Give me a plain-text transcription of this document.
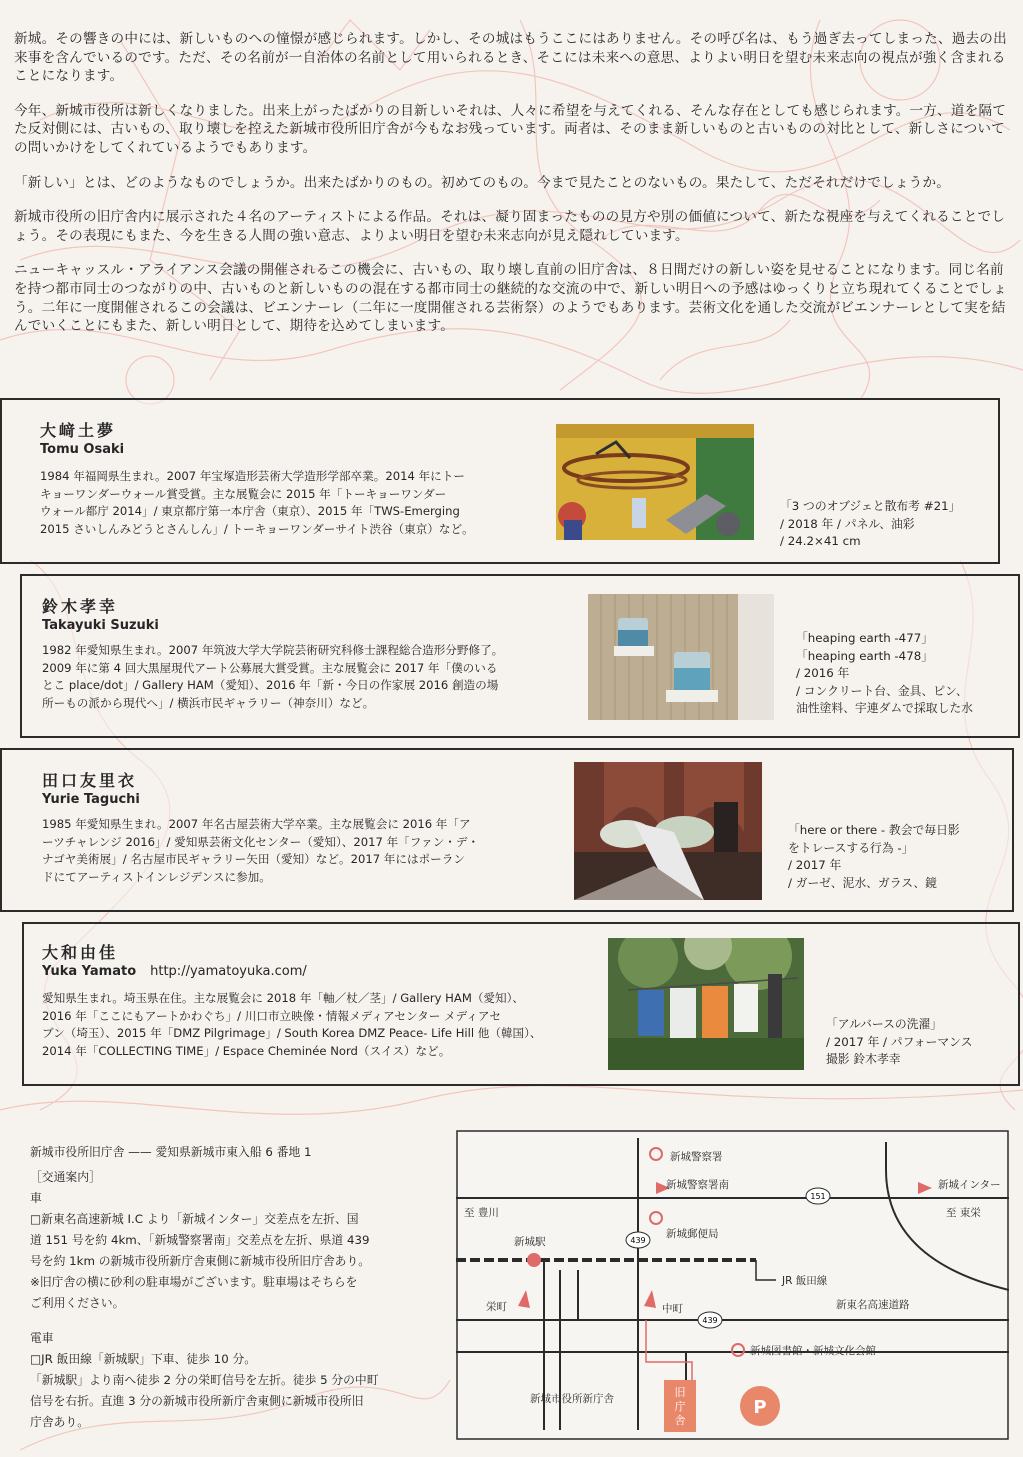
新城。その響きの中には、新しいものへの憧憬が感じられます。しかし、その城はもうここにはありません。その呼び名は、もう過ぎ去ってしまった、過去の出来事を含んでいるのです。ただ、その名前が一自治体の名前として用いられるとき、そこには未来への意思、よりよい明日を望む未来志向の視点が強く含まれることになります。

今年、新城市役所は新しくなりました。出来上がったばかりの目新しいそれは、人々に希望を与えてくれる、そんな存在としても感じられます。一方、道を隔てた反対側には、古いもの、取り壊しを控えた新城市役所旧庁舎が今もなお残っています。両者は、そのまま新しいものと古いものの対比として、新しさについての問いかけをしてくれているようでもあります。

「新しい」とは、どのようなものでしょうか。出来たばかりのもの。初めてのもの。今まで見たことのないもの。果たして、ただそれだけでしょうか。

新城市役所の旧庁舎内に展示された４名のアーティストによる作品。それは、凝り固まったものの見方や別の価値について、新たな視座を与えてくれることでしょう。その表現にもまた、今を生きる人間の強い意志、よりよい明日を望む未来志向が見え隠れしています。

ニューキャッスル・アライアンス会議の開催されるこの機会に、古いもの、取り壊し直前の旧庁舎は、８日間だけの新しい姿を見せることになります。同じ名前を持つ都市同士のつながりの中、古いものと新しいものの混在する都市同士の継続的な交流の中で、新しい明日への予感はゆっくりと立ち現れてくることでしょう。二年に一度開催されるこの会議は、ビエンナーレ（二年に一度開催される芸術祭）のようでもあります。芸術文化を通した交流がビエンナーレとして実を結んでいくことにもまた、新しい明日として、期待を込めてしまいます。

大﨑土夢
Tomu Osaki
1984 年福岡県生まれ。2007 年宝塚造形芸術大学造形学部卒業。2014 年にトー
キョーワンダーウォール賞受賞。主な展覧会に 2015 年「トーキョーワンダー
ウォール都庁 2014」/ 東京都庁第一本庁舎（東京）、2015 年「TWS-Emerging
2015 さいしんみどうとさんしん」/ トーキョーワンダーサイト渋谷（東京）など。
「3 つのオブジェと散布考 #21」
/ 2018 年 / パネル、油彩
/ 24.2×41 cm
鈴木孝幸
Takayuki Suzuki
1982 年愛知県生まれ。2007 年筑波大学大学院芸術研究科修士課程総合造形分野修了。
2009 年に第 4 回大黒屋現代アート公募展大賞受賞。主な展覧会に 2017 年「僕のいる
とこ place/dot」/ Gallery HAM（愛知）、2016 年「新・今日の作家展 2016 創造の場
所ーもの派から現代へ」/ 横浜市民ギャラリー（神奈川）など。
「heaping earth -477」
「heaping earth -478」
/ 2016 年
/ コンクリート台、金具、ピン、
油性塗料、宇連ダムで採取した水
田口友里衣
Yurie Taguchi
1985 年愛知県生まれ。2007 年名古屋芸術大学卒業。主な展覧会に 2016 年「ア
ーツチャレンジ 2016」/ 愛知県芸術文化センター（愛知）、2017 年「ファン・デ・
ナゴヤ美術展」/ 名古屋市民ギャラリー矢田（愛知）など。2017 年にはポーラン
ドにてアーティストインレジデンスに参加。
「here or there - 教会で毎日影
をトレースする行為 -」
/ 2017 年
/ ガーゼ、泥水、ガラス、鏡
大和由佳
Yuka Yamato http://yamatoyuka.com/
愛知県生まれ。埼玉県在住。主な展覧会に 2018 年「軸／杖／茎」/ Gallery HAM（愛知）、
2016 年「ここにもアートかわぐち」/ 川口市立映像・情報メディアセンター メディアセ
ブン（埼玉）、2015 年「DMZ Pilgrimage」/ South Korea DMZ Peace- Life Hill 他（韓国）、
2014 年「COLLECTING TIME」/ Espace Cheminée Nord（スイス）など。
「アルバースの洗濯」
/ 2017 年 / パフォーマンス
撮影 鈴木孝幸
新城市役所旧庁舎 —— 愛知県新城市東入船 6 番地 1
［交通案内］
車
□新東名高速新城 I.C より「新城インター」交差点を左折、国
道 151 号を約 4km、「新城警察署南」交差点を左折、県道 439
号を約 1km の新城市役所新庁舎東側に新城市役所旧庁舎あり。
※旧庁舎の横に砂利の駐車場がございます。駐車場はそちらを
ご利用ください。
電車
□JR 飯田線「新城駅」下車、徒歩 10 分。
「新城駅」より南へ徒歩 2 分の栄町信号を左折。徒歩 5 分の中町
信号を右折。直進 3 分の新城市役所新庁舎東側に新城市役所旧
庁舎あり。
151
439
439
旧
庁
舎
P
新城警察署
新城警察署南	新城インター
至 豊川	至 東栄
新城郵便局
新城駅
JR 飯田線
栄町	中町	新東名高速道路
新城図書館・新城文化会館
新城市役所新庁舎
